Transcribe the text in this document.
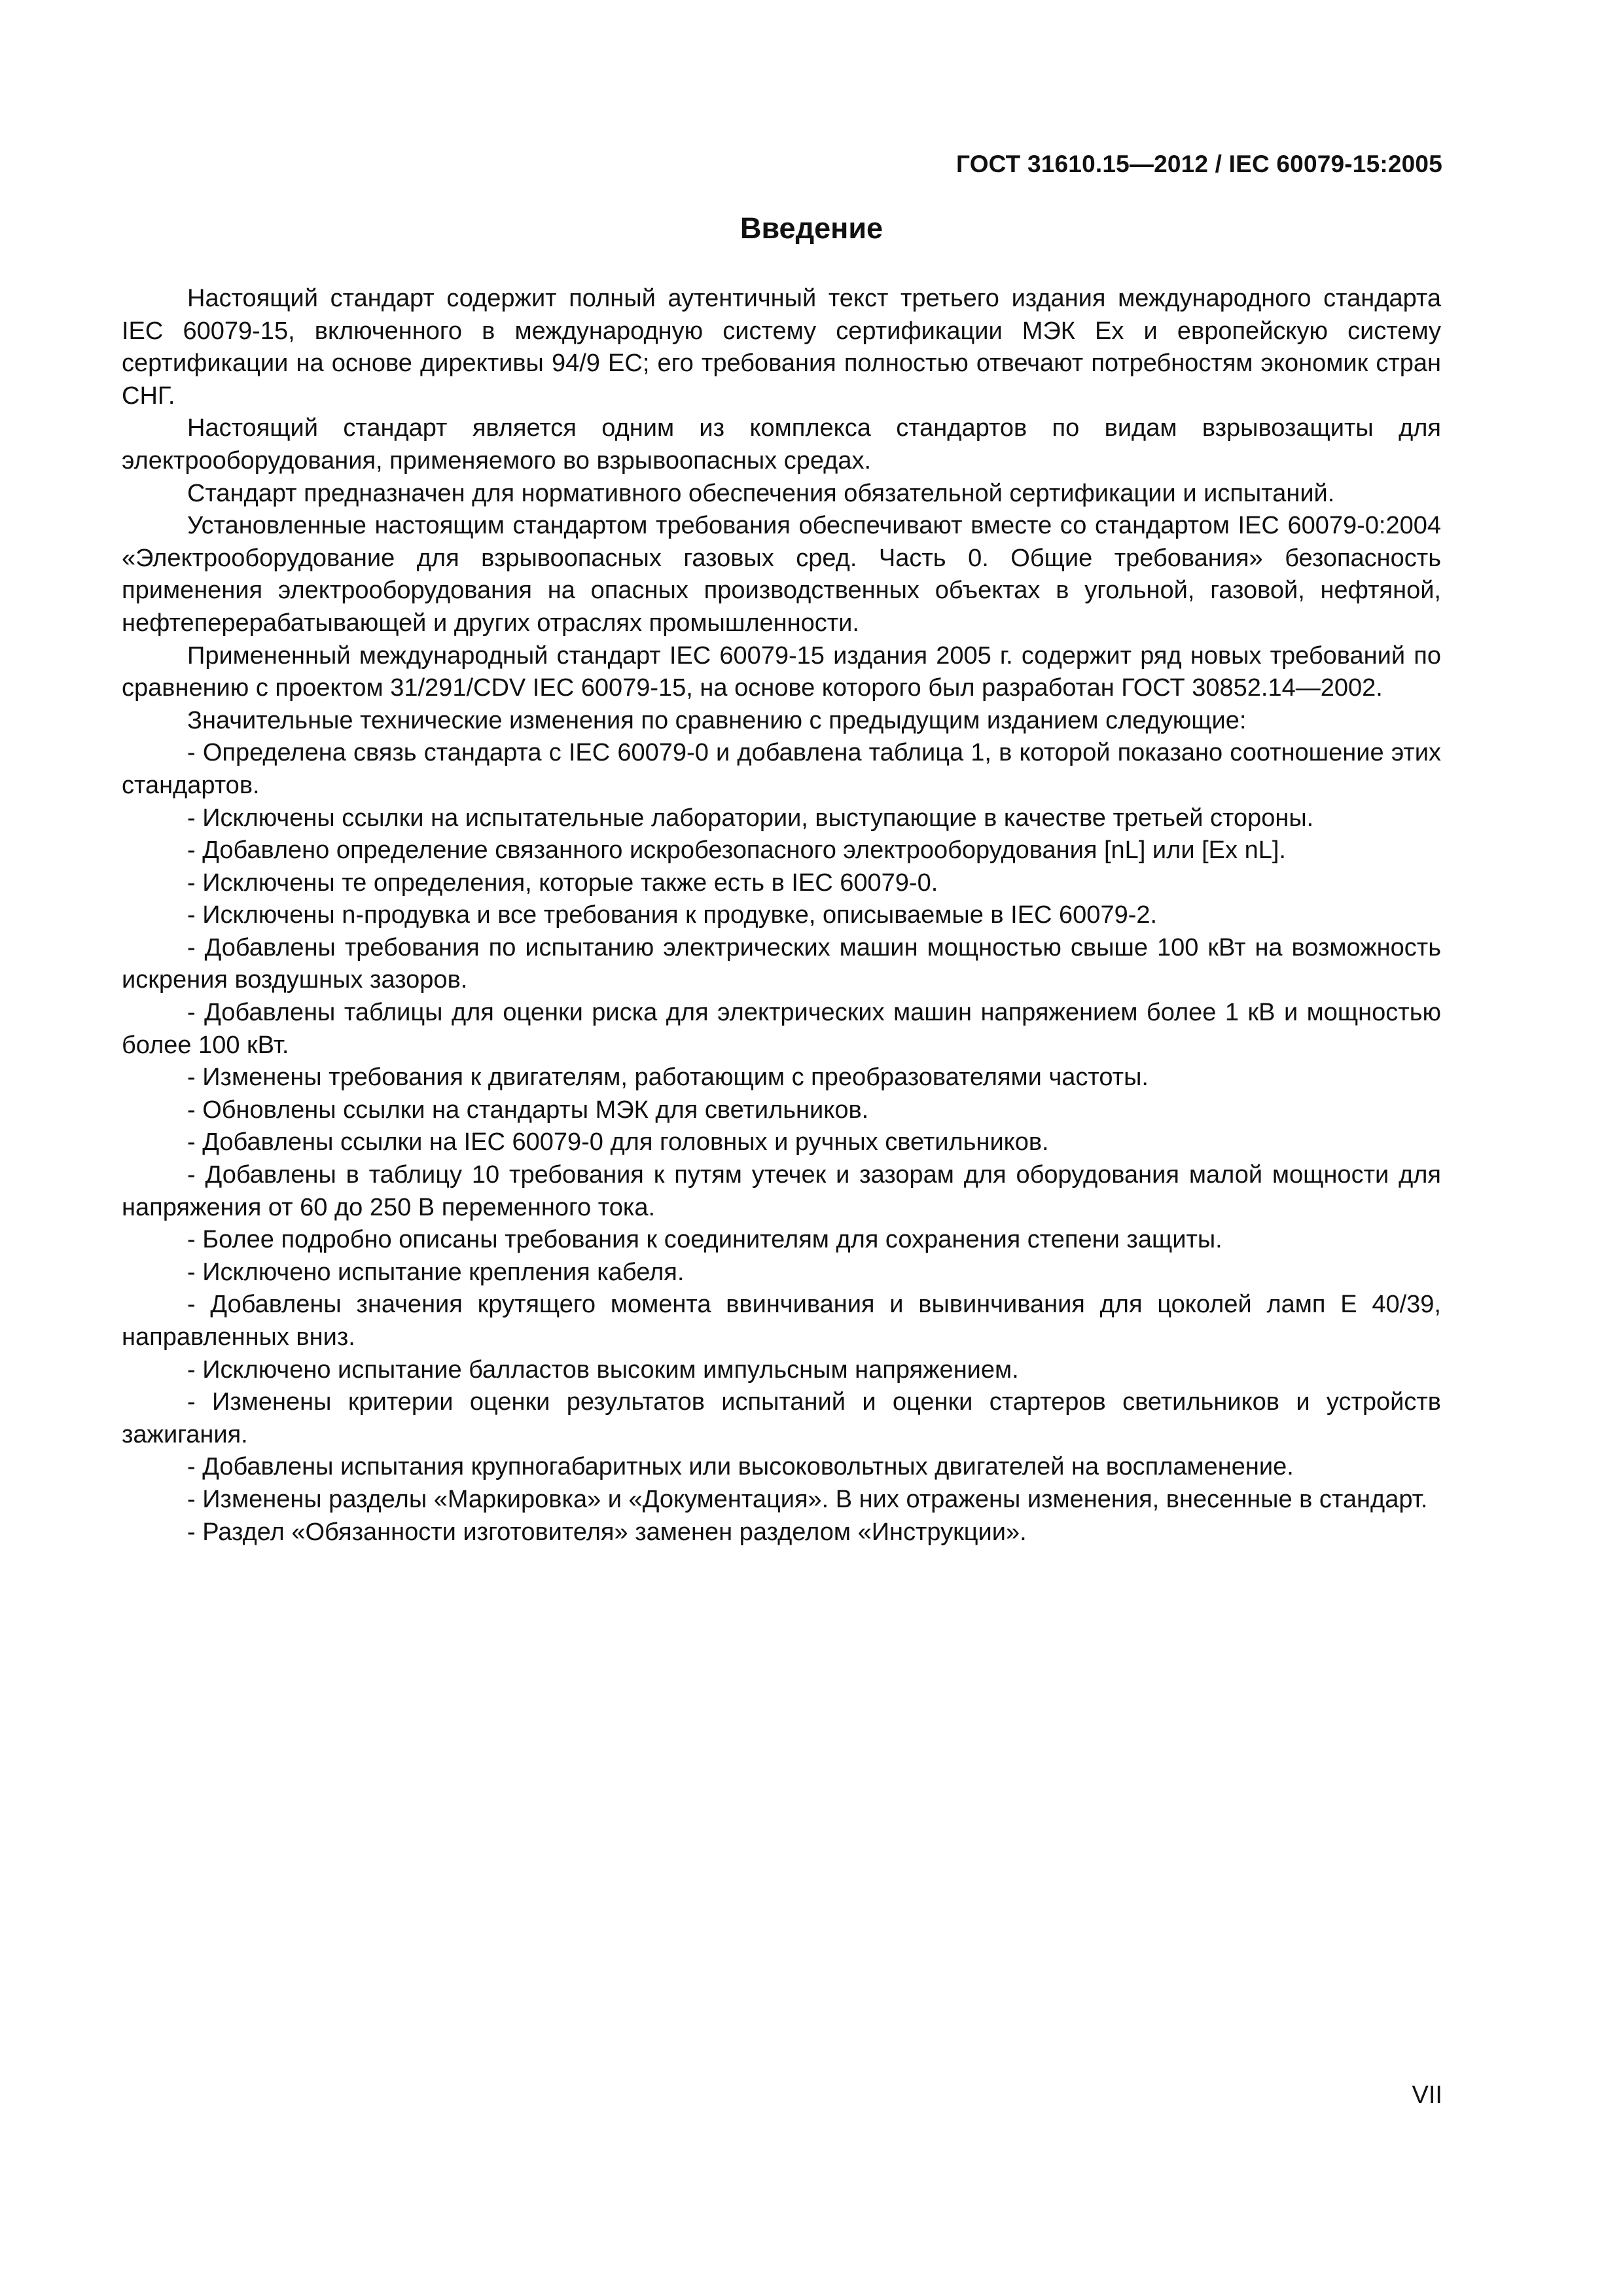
ГОСТ 31610.15—2012 / IEC 60079-15:2005
Введение

Настоящий стандарт содержит полный аутентичный текст третьего издания международного стандарта IEC 60079-15, включенного в международную систему сертификации МЭК Ex и европейскую систему сертификации на основе директивы 94/9 EC; его требования полностью отвечают потребностям экономик стран СНГ.

Настоящий стандарт является одним из комплекса стандартов по видам взрывозащиты для электрооборудования, применяемого во взрывоопасных средах.

Стандарт предназначен для нормативного обеспечения обязательной сертификации и испытаний.

Установленные настоящим стандартом требования обеспечивают вместе со стандартом IEC 60079-0:2004 «Электрооборудование для взрывоопасных газовых сред. Часть 0. Общие требования» безопасность применения электрооборудования на опасных производственных объектах в угольной, газовой, нефтяной, нефтеперерабатывающей и других отраслях промышленности.

Примененный международный стандарт IEC 60079-15 издания 2005 г. содержит ряд новых требований по сравнению с проектом 31/291/CDV IEC 60079-15, на основе которого был разработан ГОСТ 30852.14—2002.

Значительные технические изменения по сравнению с предыдущим изданием следующие:

- Определена связь стандарта с IEC 60079-0 и добавлена таблица 1, в которой показано соотношение этих стандартов.

- Исключены ссылки на испытательные лаборатории, выступающие в качестве третьей стороны.

- Добавлено определение связанного искробезопасного электрооборудования [nL] или [Ex nL].

- Исключены те определения, которые также есть в IEC 60079-0.

- Исключены n-продувка и все требования к продувке, описываемые в IEC 60079-2.

- Добавлены требования по испытанию электрических машин мощностью свыше 100 кВт на возможность искрения воздушных зазоров.

- Добавлены таблицы для оценки риска для электрических машин напряжением более 1 кВ и мощностью более 100 кВт.

- Изменены требования к двигателям, работающим с преобразователями частоты.

- Обновлены ссылки на стандарты МЭК для светильников.

- Добавлены ссылки на IEC 60079-0 для головных и ручных светильников.

- Добавлены в таблицу 10 требования к путям утечек и зазорам для оборудования малой мощности для напряжения от 60 до 250 В переменного тока.

- Более подробно описаны требования к соединителям для сохранения степени защиты.

- Исключено испытание крепления кабеля.

- Добавлены значения крутящего момента ввинчивания и вывинчивания для цоколей ламп E 40/39, направленных вниз.

- Исключено испытание балластов высоким импульсным напряжением.

- Изменены критерии оценки результатов испытаний и оценки стартеров светильников и устройств зажигания.

- Добавлены испытания крупногабаритных или высоковольтных двигателей на воспламенение.

- Изменены разделы «Маркировка» и «Документация». В них отражены изменения, внесенные в стандарт.

- Раздел «Обязанности изготовителя» заменен разделом «Инструкции».

VII
